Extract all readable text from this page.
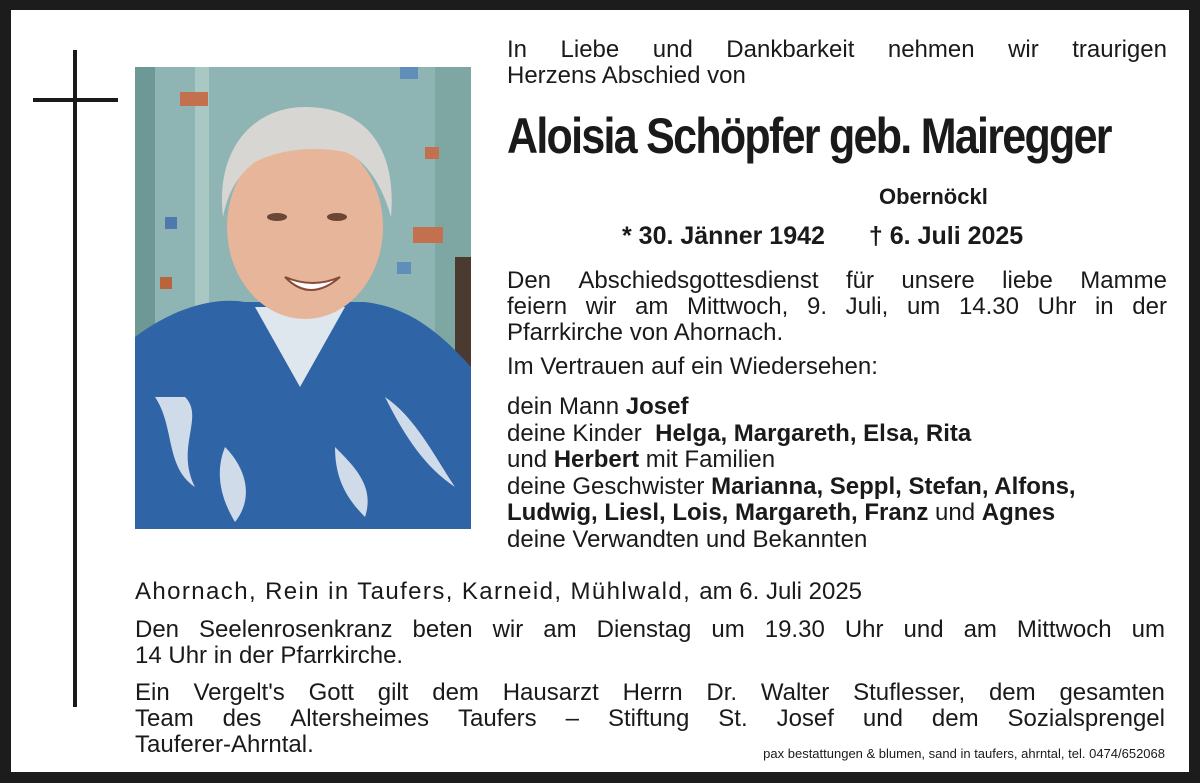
In Liebe und Dankbarkeit nehmen wir traurigen
Herzens Abschied von
Aloisia Schöpfer geb. Mairegger
Obernöckl
* 30. Jänner 1942 † 6. Juli 2025
Den Abschiedsgottesdienst für unsere liebe Mamme
feiern wir am Mittwoch, 9. Juli, um 14.30 Uhr in der
Pfarrkirche von Ahornach.
Im Vertrauen auf ein Wiedersehen:
dein Mann Josef
deine Kinder  Helga, Margareth, Elsa, Rita
und Herbert mit Familien
deine Geschwister Marianna, Seppl, Stefan, Alfons,
Ludwig, Liesl, Lois, Margareth, Franz und Agnes
deine Verwandten und Bekannten
Ahornach, Rein in Taufers, Karneid, Mühlwald, am 6. Juli 2025
Den Seelenrosenkranz beten wir am Dienstag um 19.30 Uhr und am Mittwoch um
14 Uhr in der Pfarrkirche.
Ein Vergelt's Gott gilt dem Hausarzt Herrn Dr. Walter Stuflesser, dem gesamten
Team des Altersheimes Taufers – Stiftung St. Josef und dem Sozialsprengel
Tauferer-Ahrntal.	pax bestattungen & blumen, sand in taufers, ahrntal, tel. 0474/652068
